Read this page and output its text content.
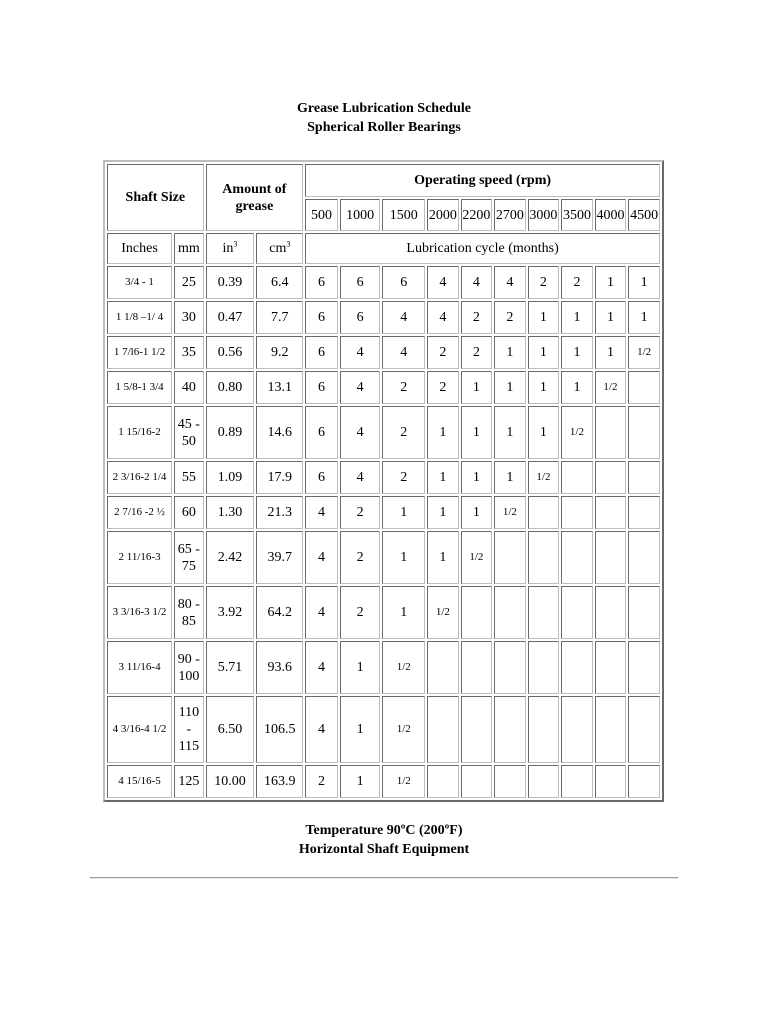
Grease Lubrication Schedule
Spherical Roller Bearings
Shaft Size		Amount of grease		Operating speed (rpm)									
				500	1000	1500	2000	2200	2700	3000	3500	4000	4500
Inches	mm	$in^3$	$cm^3$	Lubrication cycle (months)									
3/4 - 1	25	0.39	6.4	6	6	6	4	4	4	2	2	1	1
1 1/8 –1/ 4	30	0.47	7.7	6	6	4	4	2	2	1	1	1	1
1 7/l6-1 1/2	35	0.56	9.2	6	4	4	2	2	1	1	1	1	1/2
1 5/8-1 3/4	40	0.80	13.1	6	4	2	2	1	1	1	1	1/2	
1 15/16-2	45 - 50	0.89	14.6	6	4	2	1	1	1	1	1/2		
2 3/16-2 1/4	55	1.09	17.9	6	4	2	1	1	1	1/2			
2 7/16 -2 ½	60	1.30	21.3	4	2	1	1	1	1/2				
2 11/16-3	65 - 75	2.42	39.7	4	2	1	1	1/2					
3 3/16-3 1/2	80 - 85	3.92	64.2	4	2	1	1/2						
3 11/16-4	90 - 100	5.71	93.6	4	1	1/2							
4 3/16-4 1/2	110 - 115	6.50	106.5	4	1	1/2							
4 15/16-5	125	10.00	163.9	2	1	1/2							
Temperature 90ºC (200ºF)
Horizontal Shaft Equipment
